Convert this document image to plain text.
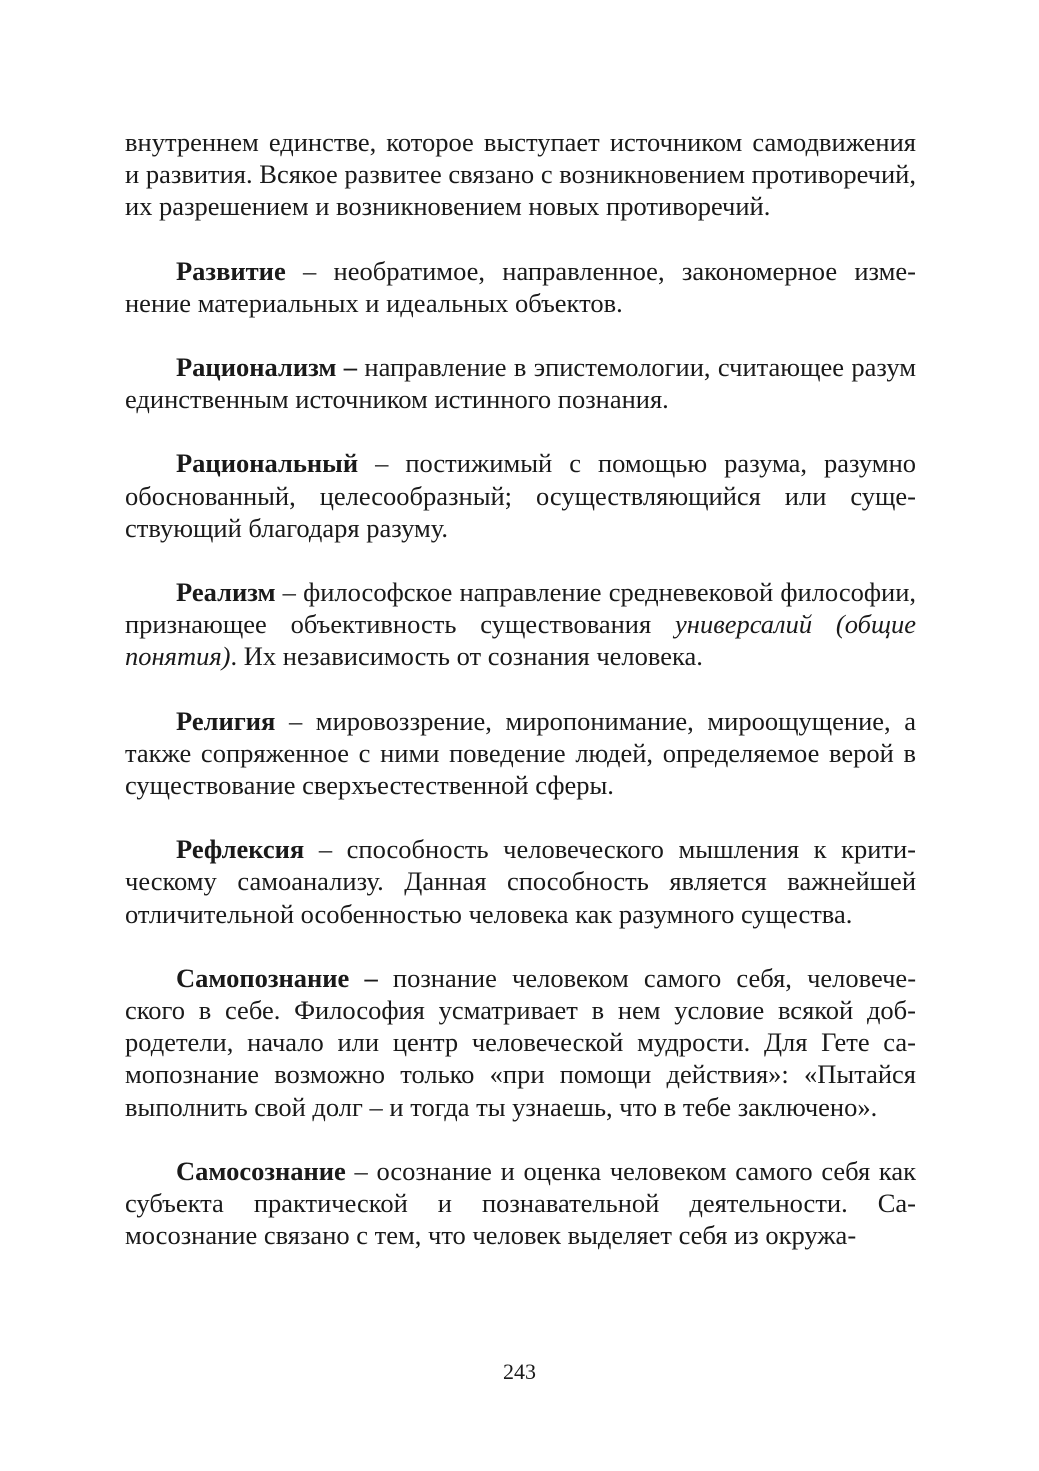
внутреннем единстве, которое выступает источником самодвижения и развития. Всякое развитее связано с возникновением противоречий, их разрешением и возникновением новых противоречий.

Развитие – необратимое, направленное, закономерное изменение материальных и идеальных объектов.

Рационализм – направление в эпистемологии, считающее разум единственным источником истинного познания.

Рациональный – постижимый с помощью разума, разумно обоснованный, целесообразный; осуществляющийся или существующий благодаря разуму.

Реализм – философское направление средневековой философии, признающее объективность существования универсалий (общие понятия). Их независимость от сознания человека.

Религия – мировоззрение, миропонимание, мироощущение, а также сопряженное с ними поведение людей, определяемое верой в существование сверхъестественной сферы.

Рефлексия – способность человеческого мышления к критическому самоанализу. Данная способность является важнейшей отличительной особенностью человека как разумного существа.

Самопознание – познание человеком самого себя, человеческого в себе. Философия усматривает в нем условие всякой добродетели, начало или центр человеческой мудрости. Для Гете самопознание возможно только «при помощи действия»: «Пытайся выполнить свой долг – и тогда ты узнаешь, что в тебе заключено».

Самосознание – осознание и оценка человеком самого себя как субъекта практической и познавательной деятельности. Самосознание связано с тем, что человек выделяет себя из окружа-

243
